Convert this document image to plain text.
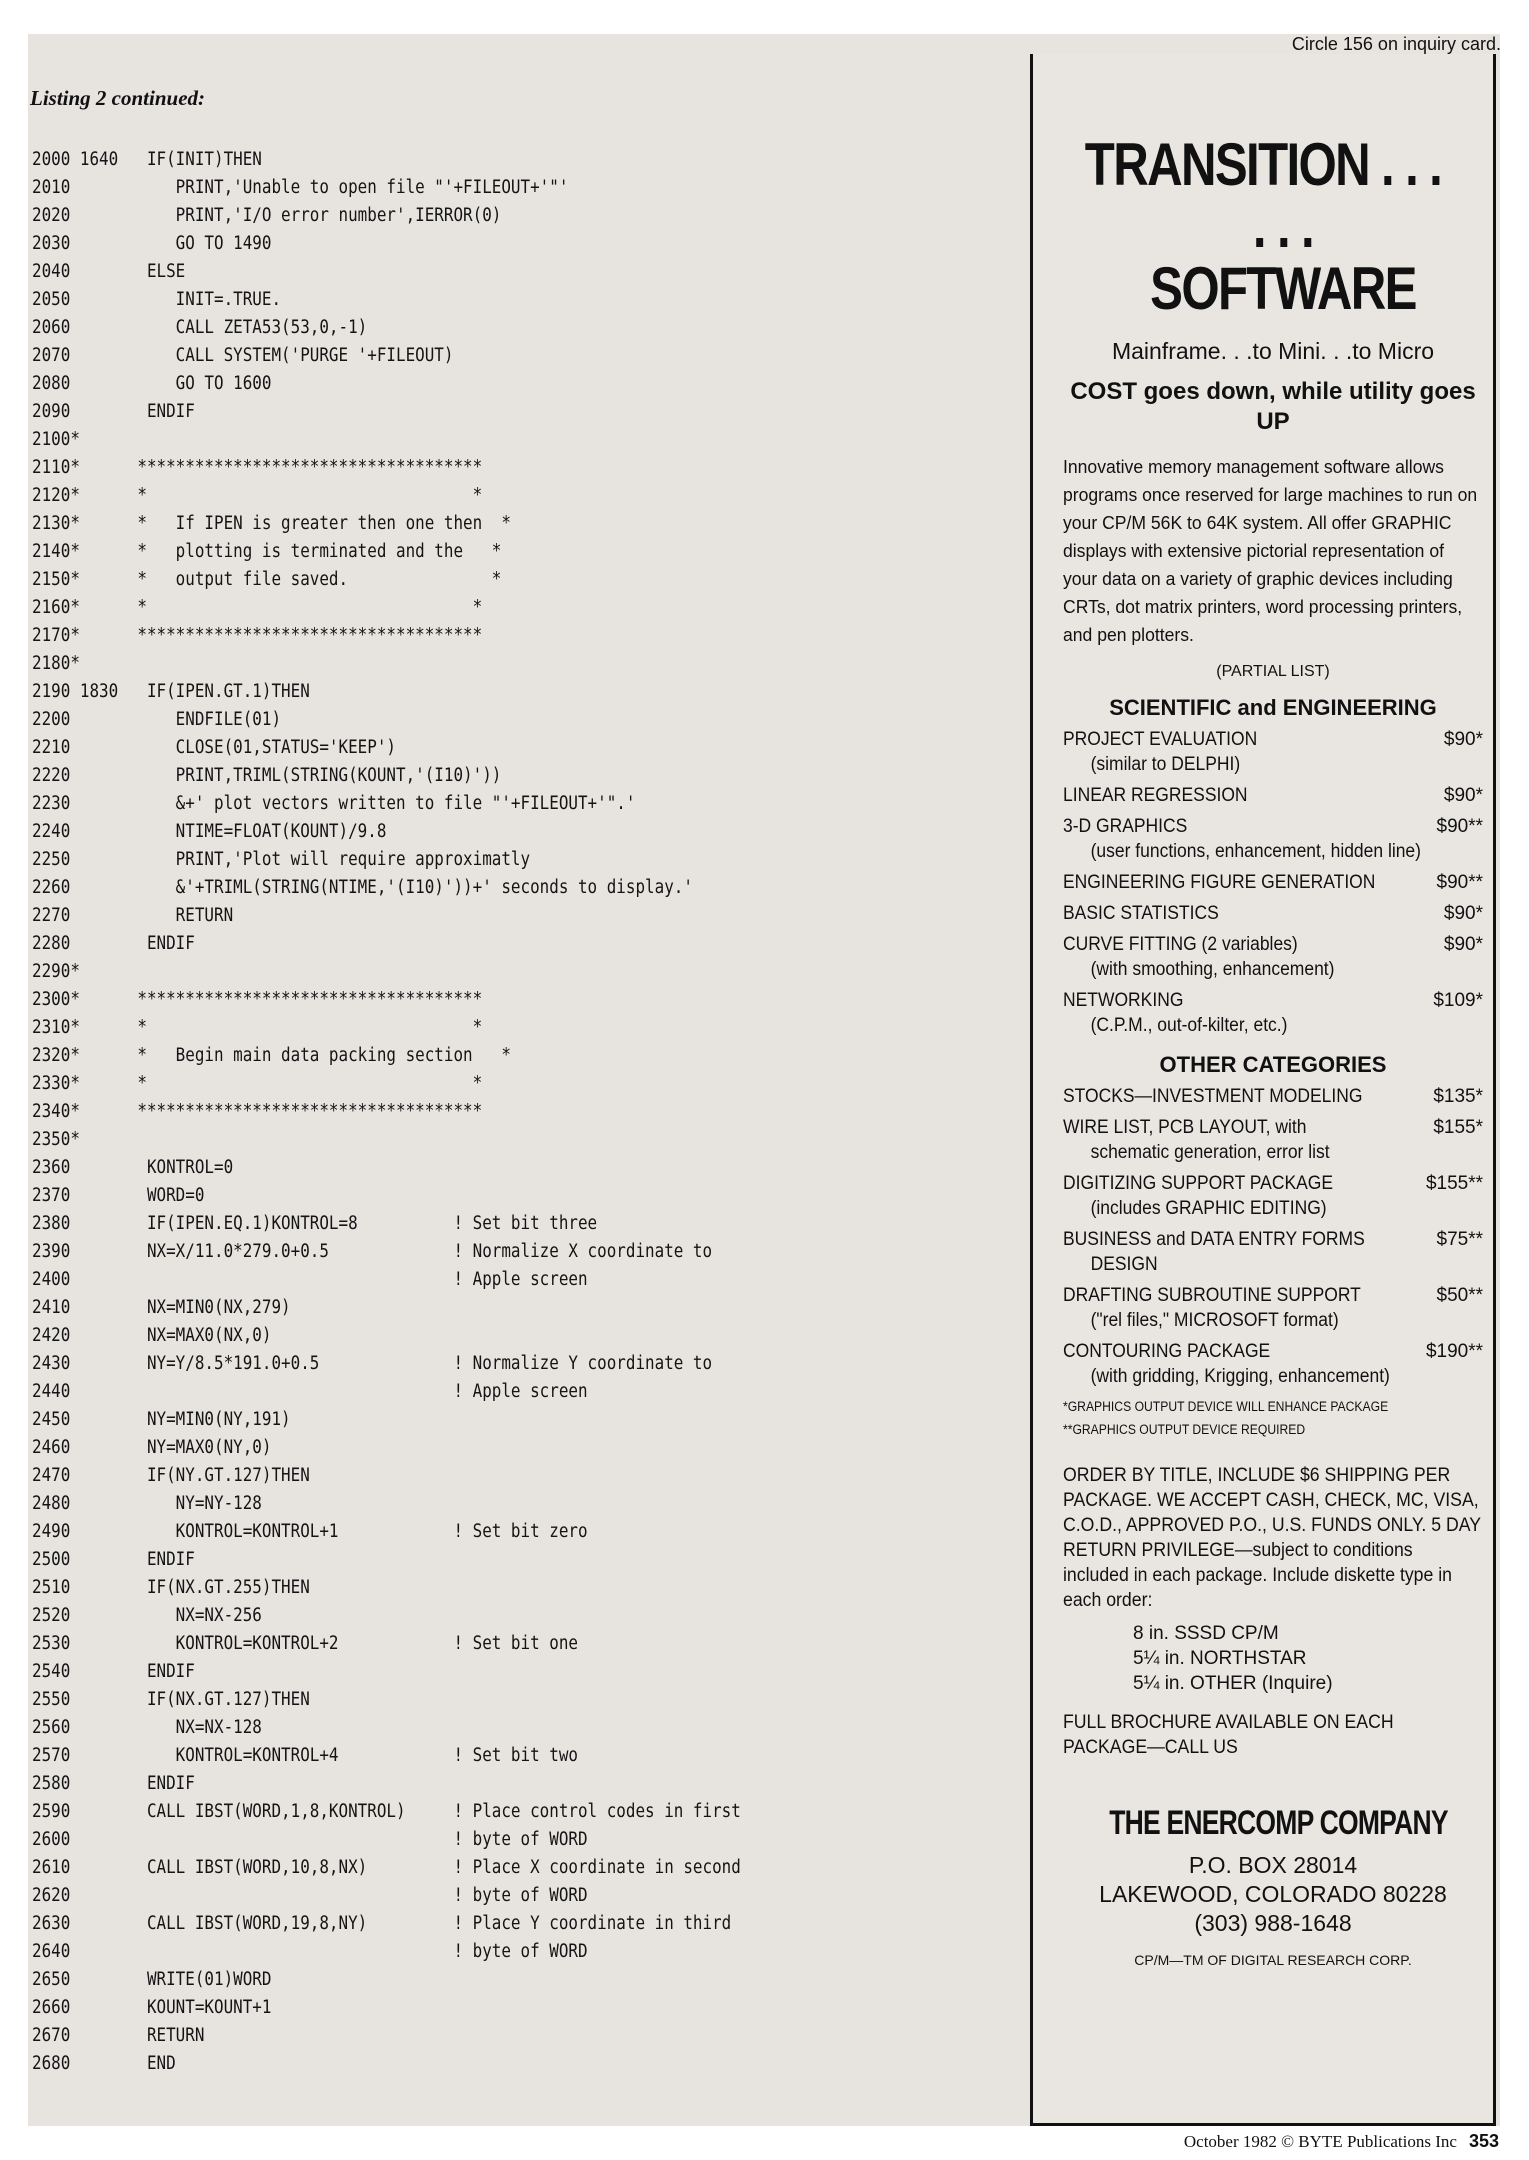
Circle 156 on inquiry card.
Listing 2 continued:
2000 1640   IF(INIT)THEN
2010           PRINT,'Unable to open file "'+FILEOUT+'"'
2020           PRINT,'I/O error number',IERROR(0)
2030           GO TO 1490
2040        ELSE
2050           INIT=.TRUE.
2060           CALL ZETA53(53,0,-1)
2070           CALL SYSTEM('PURGE '+FILEOUT)
2080           GO TO 1600
2090        ENDIF
2100*
2110*      ************************************
2120*      *                                  *
2130*      *   If IPEN is greater then one then  *
2140*      *   plotting is terminated and the   *
2150*      *   output file saved.               *
2160*      *                                  *
2170*      ************************************
2180*
2190 1830   IF(IPEN.GT.1)THEN
2200           ENDFILE(01)
2210           CLOSE(01,STATUS='KEEP')
2220           PRINT,TRIML(STRING(KOUNT,'(I10)'))
2230           &+' plot vectors written to file "'+FILEOUT+'".'
2240           NTIME=FLOAT(KOUNT)/9.8
2250           PRINT,'Plot will require approximatly
2260           &'+TRIML(STRING(NTIME,'(I10)'))+' seconds to display.'
2270           RETURN
2280        ENDIF
2290*
2300*      ************************************
2310*      *                                  *
2320*      *   Begin main data packing section   *
2330*      *                                  *
2340*      ************************************
2350*
2360        KONTROL=0
2370        WORD=0
2380        IF(IPEN.EQ.1)KONTROL=8          ! Set bit three
2390        NX=X/11.0*279.0+0.5             ! Normalize X coordinate to
2400                                        ! Apple screen
2410        NX=MIN0(NX,279)
2420        NX=MAX0(NX,0)
2430        NY=Y/8.5*191.0+0.5              ! Normalize Y coordinate to
2440                                        ! Apple screen
2450        NY=MIN0(NY,191)
2460        NY=MAX0(NY,0)
2470        IF(NY.GT.127)THEN
2480           NY=NY-128
2490           KONTROL=KONTROL+1            ! Set bit zero
2500        ENDIF
2510        IF(NX.GT.255)THEN
2520           NX=NX-256
2530           KONTROL=KONTROL+2            ! Set bit one
2540        ENDIF
2550        IF(NX.GT.127)THEN
2560           NX=NX-128
2570           KONTROL=KONTROL+4            ! Set bit two
2580        ENDIF
2590        CALL IBST(WORD,1,8,KONTROL)     ! Place control codes in first
2600                                        ! byte of WORD
2610        CALL IBST(WORD,10,8,NX)         ! Place X coordinate in second
2620                                        ! byte of WORD
2630        CALL IBST(WORD,19,8,NY)         ! Place Y coordinate in third
2640                                        ! byte of WORD
2650        WRITE(01)WORD
2660        KOUNT=KOUNT+1
2670        RETURN
2680        END
TRANSITION . . .
. . . SOFTWARE
Mainframe. . .to Mini. . .to Micro
COST goes down, while utility goes UP
Innovative memory management software allows programs once reserved for large machines to run on your CP/M 56K to 64K system. All offer GRAPHIC displays with extensive pictorial representation of your data on a variety of graphic devices including CRTs, dot matrix printers, word processing printers, and pen plotters.
(PARTIAL LIST)
SCIENTIFIC and ENGINEERING
PROJECT EVALUATION	$90*
(similar to DELPHI)
LINEAR REGRESSION	$90*
3-D GRAPHICS	$90**
(user functions, enhancement, hidden line)
ENGINEERING FIGURE GENERATION	$90**
BASIC STATISTICS	$90*
CURVE FITTING (2 variables)	$90*
(with smoothing, enhancement)
NETWORKING	$109*
(C.P.M., out-of-kilter, etc.)
OTHER CATEGORIES
STOCKS—INVESTMENT MODELING	$135*
WIRE LIST, PCB LAYOUT, with	$155*
schematic generation, error list
DIGITIZING SUPPORT PACKAGE	$155**
(includes GRAPHIC EDITING)
BUSINESS and DATA ENTRY FORMS	$75**
DESIGN
DRAFTING SUBROUTINE SUPPORT	$50**
("rel files," MICROSOFT format)
CONTOURING PACKAGE	$190**
(with gridding, Krigging, enhancement)
*GRAPHICS OUTPUT DEVICE WILL ENHANCE PACKAGE
**GRAPHICS OUTPUT DEVICE REQUIRED
ORDER BY TITLE, INCLUDE $6 SHIPPING PER PACKAGE. WE ACCEPT CASH, CHECK, MC, VISA, C.O.D., APPROVED P.O., U.S. FUNDS ONLY. 5 DAY RETURN PRIVILEGE—subject to conditions included in each package. Include diskette type in each order:
8 in. SSSD CP/M
5¼ in. NORTHSTAR
5¼ in. OTHER (Inquire)
FULL BROCHURE AVAILABLE ON EACH PACKAGE—CALL US
THE ENERCOMP COMPANY
P.O. BOX 28014
LAKEWOOD, COLORADO 80228
(303) 988-1648
CP/M—TM OF DIGITAL RESEARCH CORP.
October 1982 © BYTE Publications Inc 353
